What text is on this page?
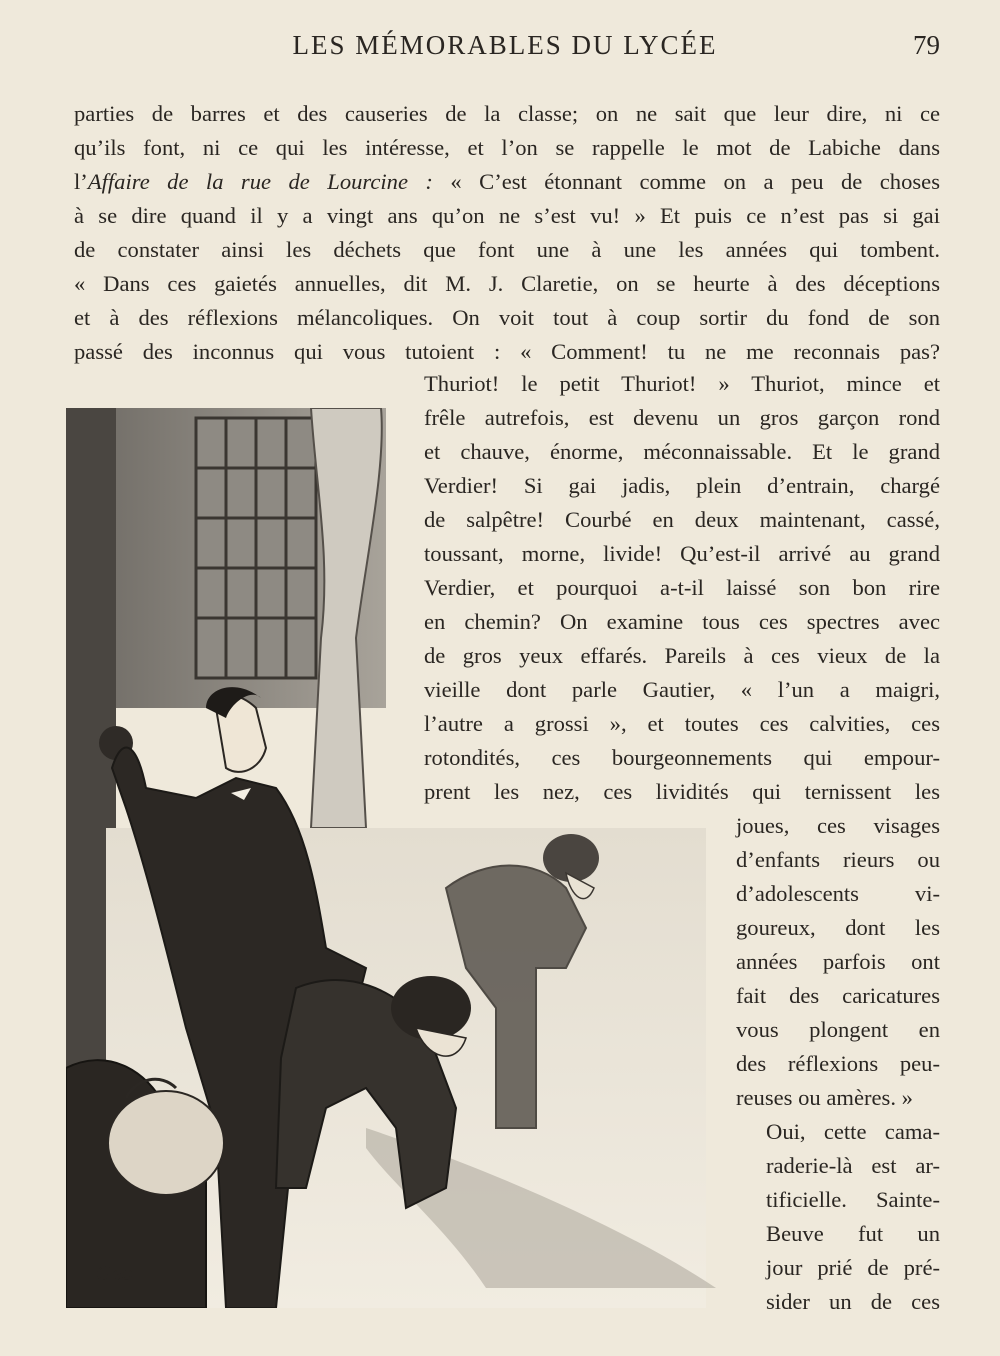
LES MÉMORABLES DU LYCÉE	79
parties de barres et des causeries de la classe; on ne sait que leur dire, ni ce
qu’ils font, ni ce qui les intéresse, et l’on se rappelle le mot de Labiche dans
l’Affaire de la rue de Lourcine : « C’est étonnant comme on a peu de choses
à se dire quand il y a vingt ans qu’on ne s’est vu! » Et puis ce n’est pas si gai
de constater ainsi les déchets que font une à une les années qui tombent.
« Dans ces gaietés annuelles, dit M. J. Claretie, on se heurte à des déceptions
et à des réflexions mélancoliques. On voit tout à coup sortir du fond de son
passé des inconnus qui vous tutoient : « Comment! tu ne me reconnais pas?
Thuriot! le petit Thuriot! » Thuriot, mince et
frêle autrefois, est devenu un gros garçon rond
et chauve, énorme, méconnaissable. Et le grand
Verdier! Si gai jadis, plein d’entrain, chargé
de salpêtre! Courbé en deux maintenant, cassé,
toussant, morne, livide! Qu’est-il arrivé au grand
Verdier, et pourquoi a-t-il laissé son bon rire
en chemin? On examine tous ces spectres avec
de gros yeux effarés. Pareils à ces vieux de la
vieille dont parle Gautier, « l’un a maigri,
l’autre a grossi », et toutes ces calvities, ces
rotondités, ces bourgeonnements qui empour-
prent les nez, ces lividités qui ternissent les
joues, ces visages
d’enfants rieurs ou
d’adolescents vi-
goureux, dont les
années parfois ont
fait des caricatures
vous plongent en
des réflexions peu-
reuses ou amères. »
Oui, cette cama-
raderie-là est ar-
tificielle. Sainte-
Beuve fut un
jour prié de pré-
sider un de ces
Geo
